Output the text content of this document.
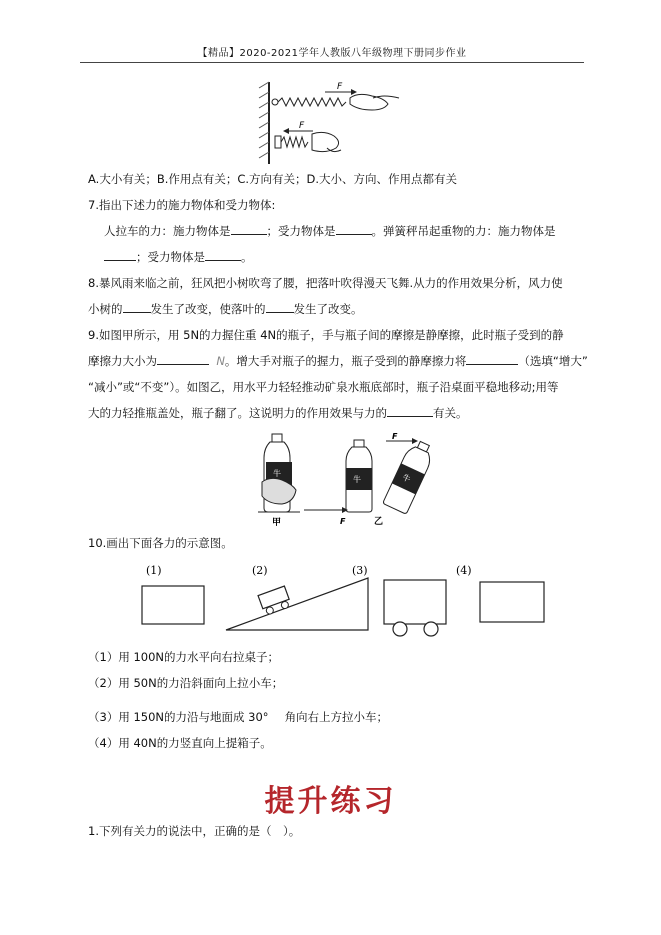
【精品】2020-2021学年人教版八年级物理下册同步作业
F
F
A.大小有关；B.作用点有关；C.方向有关；D.大小、方向、作用点都有关
7.指出下述力的施力物体和受力物体:
人拉车的力：施力物体是	；受力物体是	。弹簧秤吊起重物的力：施力物体是
；受力物体是	。
8.暴风雨来临之前，狂风把小树吹弯了腰，把落叶吹得漫天飞舞.从力的作用效果分析，风力使
小树的 发生了改变，使落叶的 发生了改变。
9.如图甲所示，用 5N的力握住重 4N的瓶子，手与瓶子间的摩擦是静摩擦，此时瓶子受到的静
摩擦力大小为	N。增大手对瓶子的握力，瓶子受到的静摩擦力将	（选填“增大”
“减小”或“不变”）。如图乙，用水平力轻轻推动矿泉水瓶底部时，瓶子沿桌面平稳地移动;用等
大的力轻推瓶盖处，瓶子翻了。这说明力的作用效果与力的	有关。
牛
甲
牛
F	乙
牛
F
10.画出下面各力的示意图。
(1)	(2)	(3)	(4)
（1）用 100N的力水平向右拉桌子；
（2）用 50N的力沿斜面向上拉小车；
（3）用 150N的力沿与地面成 30° 角向右上方拉小车；
（4）用 40N的力竖直向上提箱子。
提升练习
1.下列有关力的说法中，正确的是（　）。
